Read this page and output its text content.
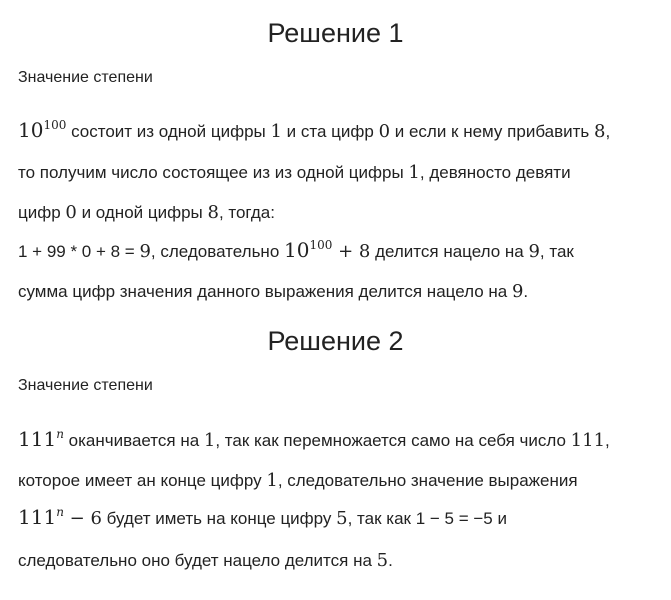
Решение 1

Значение степени

$10^{100}$ состоит из одной цифры 1 и ста цифр 0 и если к нему прибавить 8,

то получим число состоящее из из одной цифры 1, девяносто девяти

цифр 0 и одной цифры 8, тогда:

1 + 99 * 0 + 8 = 9, следовательно $10^{100} + 8$ делится нацело на 9, так

сумма цифр значения данного выражения делится нацело на 9.

Решение 2

Значение степени

111$^n$ оканчивается на 1, так как перемножается само на себя число 111,

которое имеет ан конце цифру 1, следовательно значение выражения

$111^n - 6$ будет иметь на конце цифру 5, так как 1 − 5 = −5 и

следовательно оно будет нацело делится на 5.
